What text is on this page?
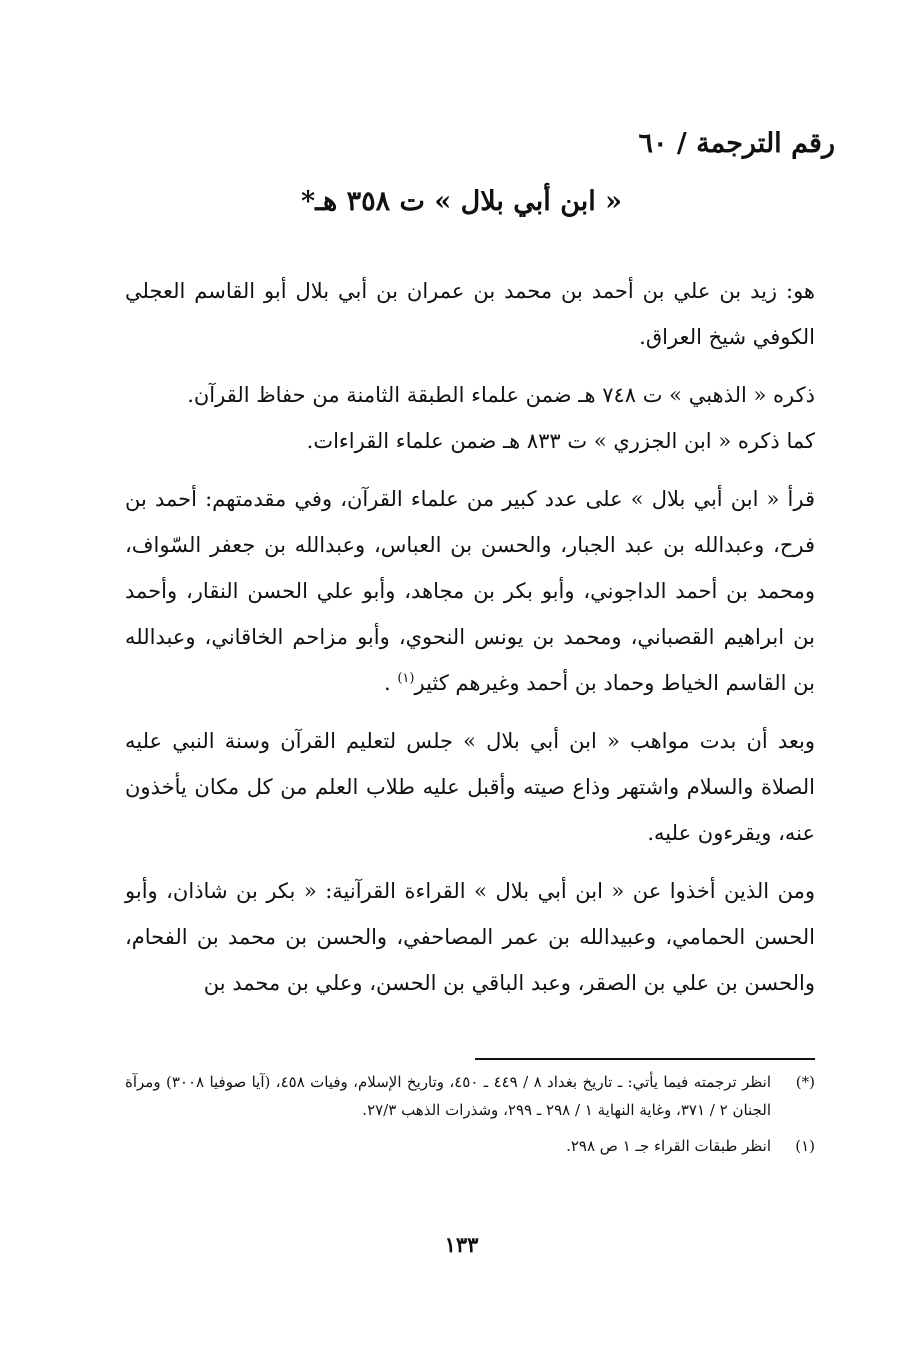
رقم الترجمة / ٦٠
« ابن أبي بلال » ت ٣٥٨ هـ*

هو: زيد بن علي بن أحمد بن محمد بن عمران بن أبي بلال أبو القاسم العجلي الكوفي شيخ العراق.

ذكره « الذهبي » ت ٧٤٨ هـ ضمن علماء الطبقة الثامنة من حفاظ القرآن.
كما ذكره « ابن الجزري » ت ٨٣٣ هـ ضمن علماء القراءات.

قرأ « ابن أبي بلال » على عدد كبير من علماء القرآن، وفي مقدمتهم: أحمد بن فرح، وعبدالله بن عبد الجبار، والحسن بن العباس، وعبدالله بن جعفر السّواف، ومحمد بن أحمد الداجوني، وأبو بكر بن مجاهد، وأبو علي الحسن النقار، وأحمد بن ابراهيم القصباني، ومحمد بن يونس النحوي، وأبو مزاحم الخاقاني، وعبدالله بن القاسم الخياط وحماد بن أحمد وغيرهم كثير$^{(١)}$ .

وبعد أن بدت مواهب « ابن أبي بلال » جلس لتعليم القرآن وسنة النبي عليه الصلاة والسلام واشتهر وذاع صيته وأقبل عليه طلاب العلم من كل مكان يأخذون عنه، ويقرءون عليه.

ومن الذين أخذوا عن « ابن أبي بلال » القراءة القرآنية: « بكر بن شاذان، وأبو الحسن الحمامي، وعبيدالله بن عمر المصاحفي، والحسن بن محمد بن الفحام، والحسن بن علي بن الصقر، وعبد الباقي بن الحسن، وعلي بن محمد بن

(*)
انظر ترجمته فيما يأتي: ـ تاريخ بغداد ٨ / ٤٤٩ ـ ٤٥٠، وتاريخ الإسلام، وفيات ٤٥٨، (آيا صوفيا ٣٠٠٨) ومرآة الجنان ٢ / ٣٧١، وغاية النهاية ١ / ٢٩٨ ـ ٢٩٩، وشذرات الذهب ٢٧/٣.
(١)
انظر طبقات القراء جـ ١ ص ٢٩٨.
١٣٣
